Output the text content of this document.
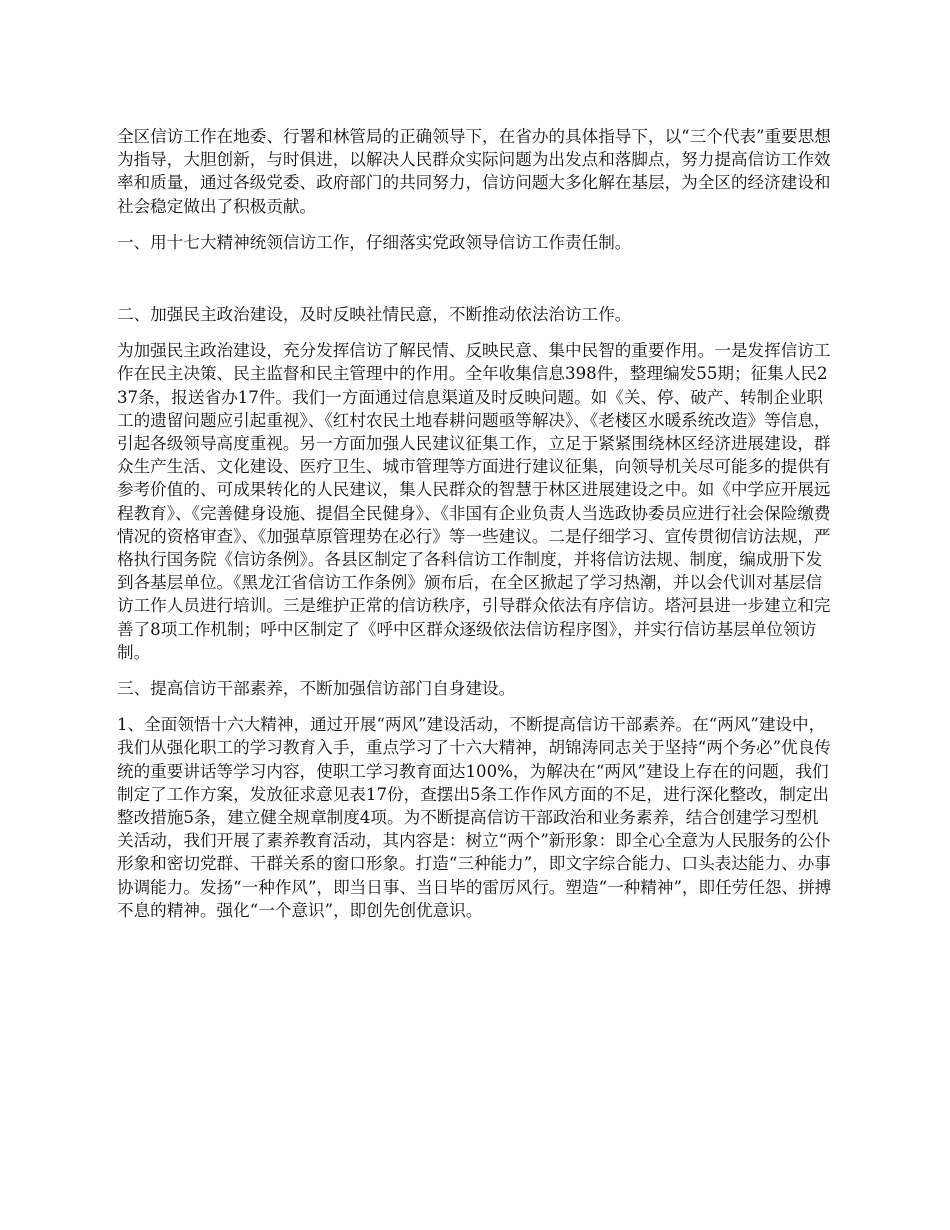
全区信访工作在地委、行署和林管局的正确领导下，在省办的具体指导下，以“三个代表”重要思想为指导，大胆创新，与时俱进，以解决人民群众实际问题为出发点和落脚点，努力提高信访工作效率和质量，通过各级党委、政府部门的共同努力，信访问题大多化解在基层，为全区的经济建设和社会稳定做出了积极贡献。

一、用十七大精神统领信访工作，仔细落实党政领导信访工作责任制。

二、加强民主政治建设，及时反映社情民意，不断推动依法治访工作。

为加强民主政治建设，充分发挥信访了解民情、反映民意、集中民智的重要作用。一是发挥信访工作在民主决策、民主监督和民主管理中的作用。全年收集信息398件，整理编发55期；征集人民237条，报送省办17件。我们一方面通过信息渠道及时反映问题。如《关、停、破产、转制企业职工的遗留问题应引起重视》、《红村农民土地春耕问题亟等解决》、《老楼区水暖系统改造》等信息，引起各级领导高度重视。另一方面加强人民建议征集工作，立足于紧紧围绕林区经济进展建设，群众生产生活、文化建设、医疗卫生、城市管理等方面进行建议征集，向领导机关尽可能多的提供有参考价值的、可成果转化的人民建议，集人民群众的智慧于林区进展建设之中。如《中学应开展远程教育》、《完善健身设施、提倡全民健身》、《非国有企业负责人当选政协委员应进行社会保险缴费情况的资格审查》、《加强草原管理势在必行》等一些建议。二是仔细学习、宣传贯彻信访法规，严格执行国务院《信访条例》。各县区制定了各科信访工作制度，并将信访法规、制度，编成册下发到各基层单位。《黑龙江省信访工作条例》颁布后，在全区掀起了学习热潮，并以会代训对基层信访工作人员进行培训。三是维护正常的信访秩序，引导群众依法有序信访。塔河县进一步建立和完善了8项工作机制；呼中区制定了《呼中区群众逐级依法信访程序图》，并实行信访基层单位领访制。

三、提高信访干部素养，不断加强信访部门自身建设。

1、全面领悟十六大精神，通过开展“两风”建设活动，不断提高信访干部素养。在“两风”建设中，我们从强化职工的学习教育入手，重点学习了十六大精神，胡锦涛同志关于坚持“两个务必”优良传统的重要讲话等学习内容，使职工学习教育面达100%，为解决在“两风”建设上存在的问题，我们制定了工作方案，发放征求意见表17份，查摆出5条工作作风方面的不足，进行深化整改，制定出整改措施5条，建立健全规章制度4项。为不断提高信访干部政治和业务素养，结合创建学习型机关活动，我们开展了素养教育活动，其内容是：树立“两个”新形象：即全心全意为人民服务的公仆形象和密切党群、干群关系的窗口形象。打造“三种能力”，即文字综合能力、口头表达能力、办事协调能力。发扬“一种作风”，即当日事、当日毕的雷厉风行。塑造“一种精神”，即任劳任怨、拼搏不息的精神。强化“一个意识”，即创先创优意识。
